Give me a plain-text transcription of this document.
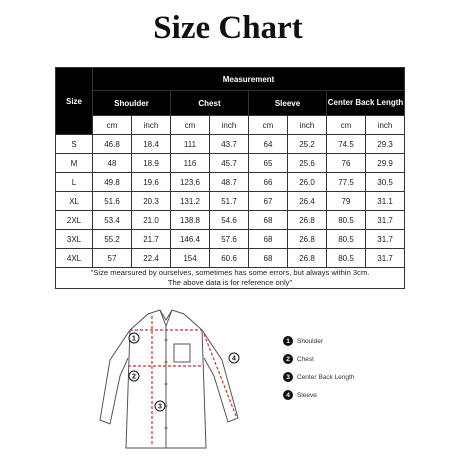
Size Chart
Size	Measurement							
	Shoulder		Chest		Sleeve		Center Back Length	
	cm	inch	cm	inch	cm	inch	cm	inch
S	46.8	18.4	111	43.7	64	25.2	74.5	29.3
M	48	18.9	116	45.7	65	25.6	76	29.9
L	49.8	19.6	123.6	48.7	66	26.0	77.5	30.5
XL	51.6	20.3	131.2	51.7	67	26.4	79	31.1
2XL	53.4	21.0	138.8	54.6	68	26.8	80.5	31.7
3XL	55.2	21.7	146.4	57.6	68	26.8	80.5	31.7
4XL	57	22.4	154	60.6	68	26.8	80.5	31.7

"Size mearsured by ourselves, sometimes has some errors, but always within 3cm.
The above data is for reference only"								
1
2
3
4
1	Shoulder
2	Chest
3	Center Back Length
4	Sleeve
